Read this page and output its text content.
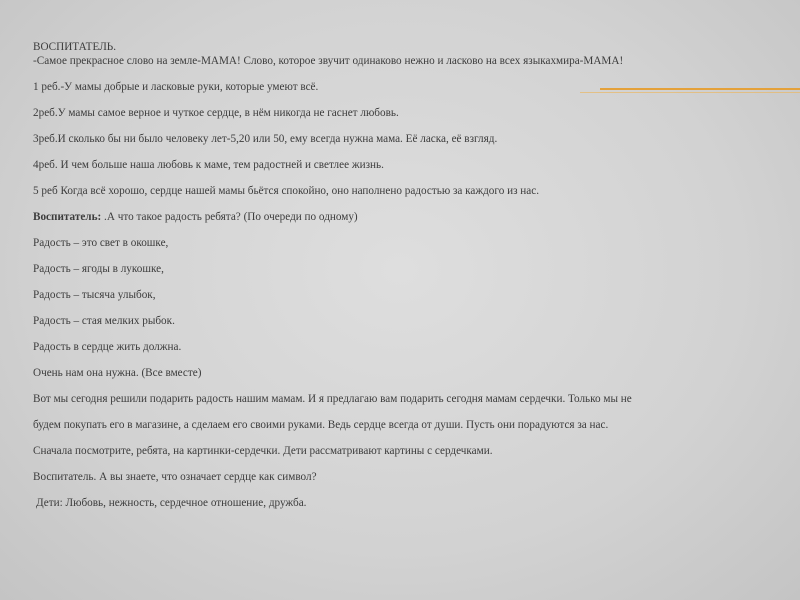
ВОСПИТАТЕЛЬ.

-Самое прекрасное слово на земле-МАМА! Слово, которое звучит одинаково нежно и ласково на всех языкахмира-МАМА!

1 реб.-У мамы добрые и ласковые руки, которые умеют всё.

2реб.У мамы самое верное и чуткое сердце, в нём никогда не гаснет любовь.

3реб.И сколько бы ни было человеку лет-5,20 или 50, ему всегда нужна мама. Её ласка, её взгляд.

4реб. И чем больше наша любовь к маме, тем радостней и светлее жизнь.

5 реб Когда всё хорошо, сердце нашей мамы бьётся спокойно, оно наполнено радостью за каждого из нас.

Воспитатель: .А что такое радость ребята? (По очереди по одному)

Радость – это свет в окошке,

Радость – ягоды в лукошке,

Радость – тысяча улыбок,

Радость – стая мелких рыбок.

Радость в сердце жить должна.

Очень нам она нужна. (Все вместе)

Вот мы сегодня решили подарить радость нашим мамам. И я предлагаю вам подарить сегодня мамам сердечки. Только мы не

будем покупать его в магазине, а сделаем его своими руками. Ведь сердце всегда от души. Пусть они порадуются за нас.

Сначала посмотрите, ребята, на картинки-сердечки. Дети рассматривают картины с сердечками.

Воспитатель. А вы знаете, что означает сердце как символ?

Дети: Любовь, нежность, сердечное отношение, дружба.
